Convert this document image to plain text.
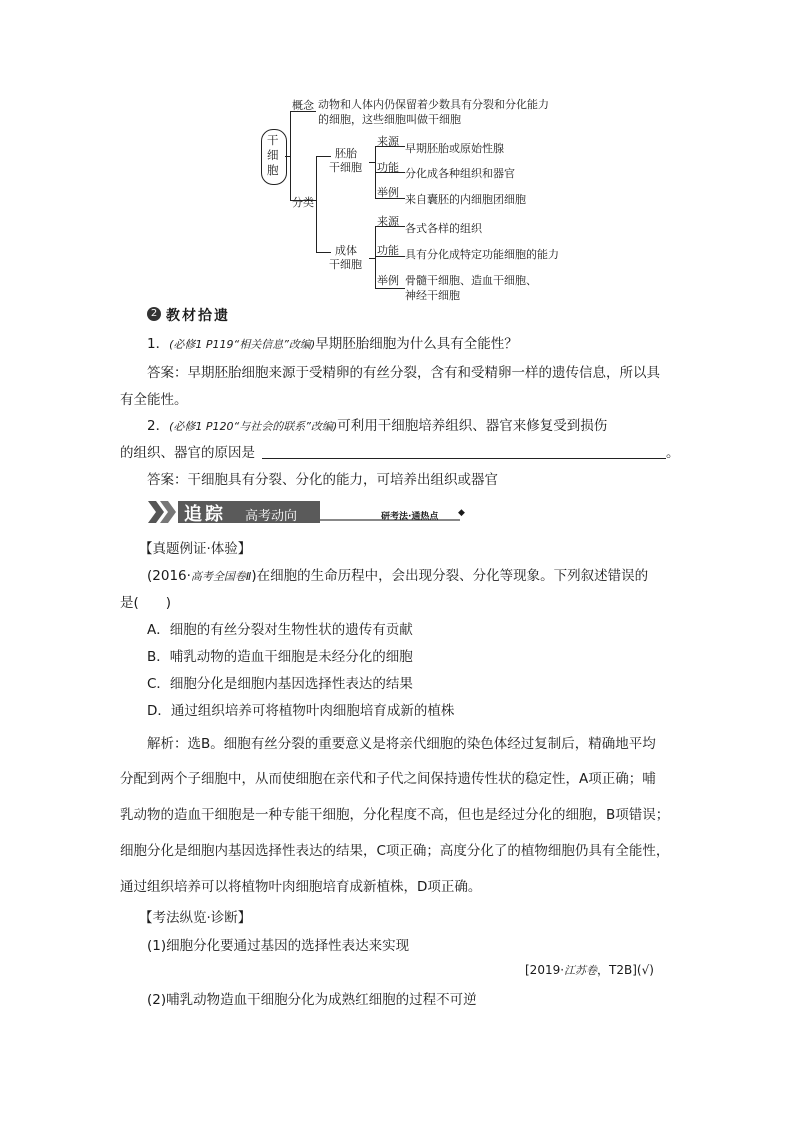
干细胞
概念 动物和人体内仍保留着少数具有分裂和分化能力
的细胞，这些细胞叫做干细胞
分类
胚胎
干细胞
来源
早期胚胎或原始性腺
功能 分化成各种组织和器官
举例
来自囊胚的内细胞团细胞
成体
干细胞
来源
各式各样的组织
功能 具有分化成特定功能细胞的能力
举例 骨髓干细胞、造血干细胞、
神经干细胞
2 教材拾遗
1．(必修1 P119“相关信息”改编)早期胚胎细胞为什么具有全能性？
答案：早期胚胎细胞来源于受精卵的有丝分裂，含有和受精卵一样的遗传信息，所以具
有全能性。
2．(必修1 P120“与社会的联系”改编)可利用干细胞培养组织、器官来修复受到损伤
的组织、器官的原因是	。
答案：干细胞具有分裂、分化的能力，可培养出组织或器官
追踪 高考动向	研考法·通热点 ◆
【真题例证·体验】
(2016·高考全国卷Ⅱ)在细胞的生命历程中，会出现分裂、分化等现象。下列叙述错误的
是(　　)
A．细胞的有丝分裂对生物性状的遗传有贡献
B．哺乳动物的造血干细胞是未经分化的细胞
C．细胞分化是细胞内基因选择性表达的结果
D．通过组织培养可将植物叶肉细胞培育成新的植株
解析：选B。细胞有丝分裂的重要意义是将亲代细胞的染色体经过复制后，精确地平均
分配到两个子细胞中，从而使细胞在亲代和子代之间保持遗传性状的稳定性，A项正确；哺
乳动物的造血干细胞是一种专能干细胞，分化程度不高，但也是经过分化的细胞，B项错误；
细胞分化是细胞内基因选择性表达的结果，C项正确；高度分化了的植物细胞仍具有全能性，
通过组织培养可以将植物叶肉细胞培育成新植株，D项正确。
【考法纵览·诊断】
(1)细胞分化要通过基因的选择性表达来实现
[2019·江苏卷，T2B](√)
(2)哺乳动物造血干细胞分化为成熟红细胞的过程不可逆
